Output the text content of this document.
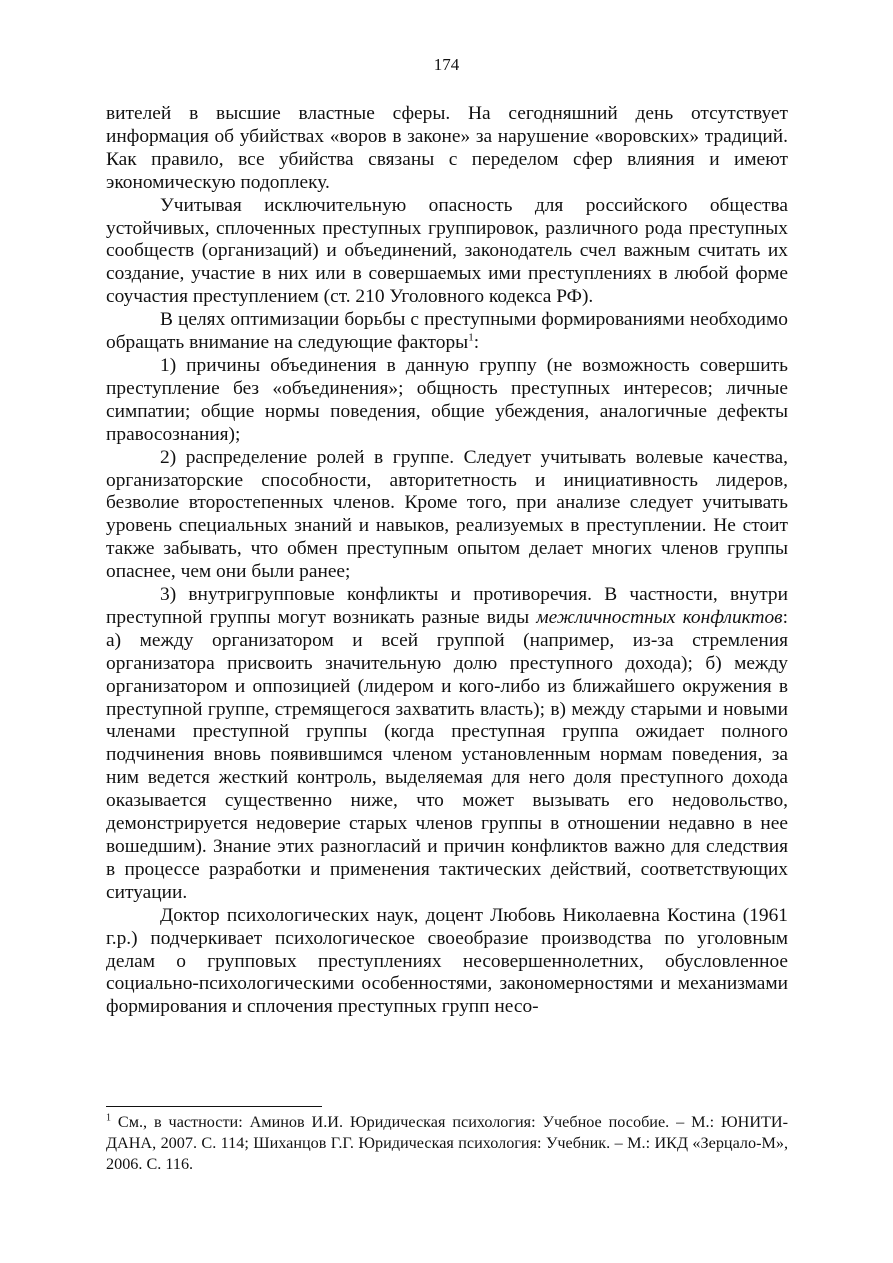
174

вителей в высшие властные сферы. На сегодняшний день отсутствует информация об убийствах «воров в законе» за нарушение «воровских» традиций. Как правило, все убийства связаны с переделом сфер влияния и имеют экономическую подоплеку.

Учитывая исключительную опасность для российского общества устойчивых, сплоченных преступных группировок, различного рода преступных сообществ (организаций) и объединений, законодатель счел важным считать их создание, участие в них или в совершаемых ими преступлениях в любой форме соучастия преступлением (ст. 210 Уголовного кодекса РФ).

В целях оптимизации борьбы с преступными формированиями необходимо обращать внимание на следующие факторы$^1$:

1) причины объединения в данную группу (не возможность совершить преступление без «объединения»; общность преступных интересов; личные симпатии; общие нормы поведения, общие убеждения, аналогичные дефекты правосознания);

2) распределение ролей в группе. Следует учитывать волевые качества, организаторские способности, авторитетность и инициативность лидеров, безволие второстепенных членов. Кроме того, при анализе следует учитывать уровень специальных знаний и навыков, реализуемых в преступлении. Не стоит также забывать, что обмен преступным опытом делает многих членов группы опаснее, чем они были ранее;

3) внутригрупповые конфликты и противоречия. В частности, внутри преступной группы могут возникать разные виды межличностных конфликтов: а) между организатором и всей группой (например, из-за стремления организатора присвоить значительную долю преступного дохода); б) между организатором и оппозицией (лидером и кого-либо из ближайшего окружения в преступной группе, стремящегося захватить власть); в) между старыми и новыми членами преступной группы (когда преступная группа ожидает полного подчинения вновь появившимся членом установленным нормам поведения, за ним ведется жесткий контроль, выделяемая для него доля преступного дохода оказывается существенно ниже, что может вызывать его недовольство, демонстрируется недоверие старых членов группы в отношении недавно в нее вошедшим). Знание этих разногласий и причин конфликтов важно для следствия в процессе разработки и применения тактических действий, соответствующих ситуации.

Доктор психологических наук, доцент Любовь Николаевна Костина (1961 г.р.) подчеркивает психологическое своеобразие производства по уголовным делам о групповых преступлениях несовершеннолетних, обусловленное социально-психологическими особенностями, закономерностями и механизмами формирования и сплочения преступных групп несо-

$^1$ См., в частности: Аминов И.И. Юридическая психология: Учебное пособие. – М.: ЮНИТИ-ДАНА, 2007. С. 114; Шиханцов Г.Г. Юридическая психология: Учебник. – М.: ИКД «Зерцало-М», 2006. С. 116.
